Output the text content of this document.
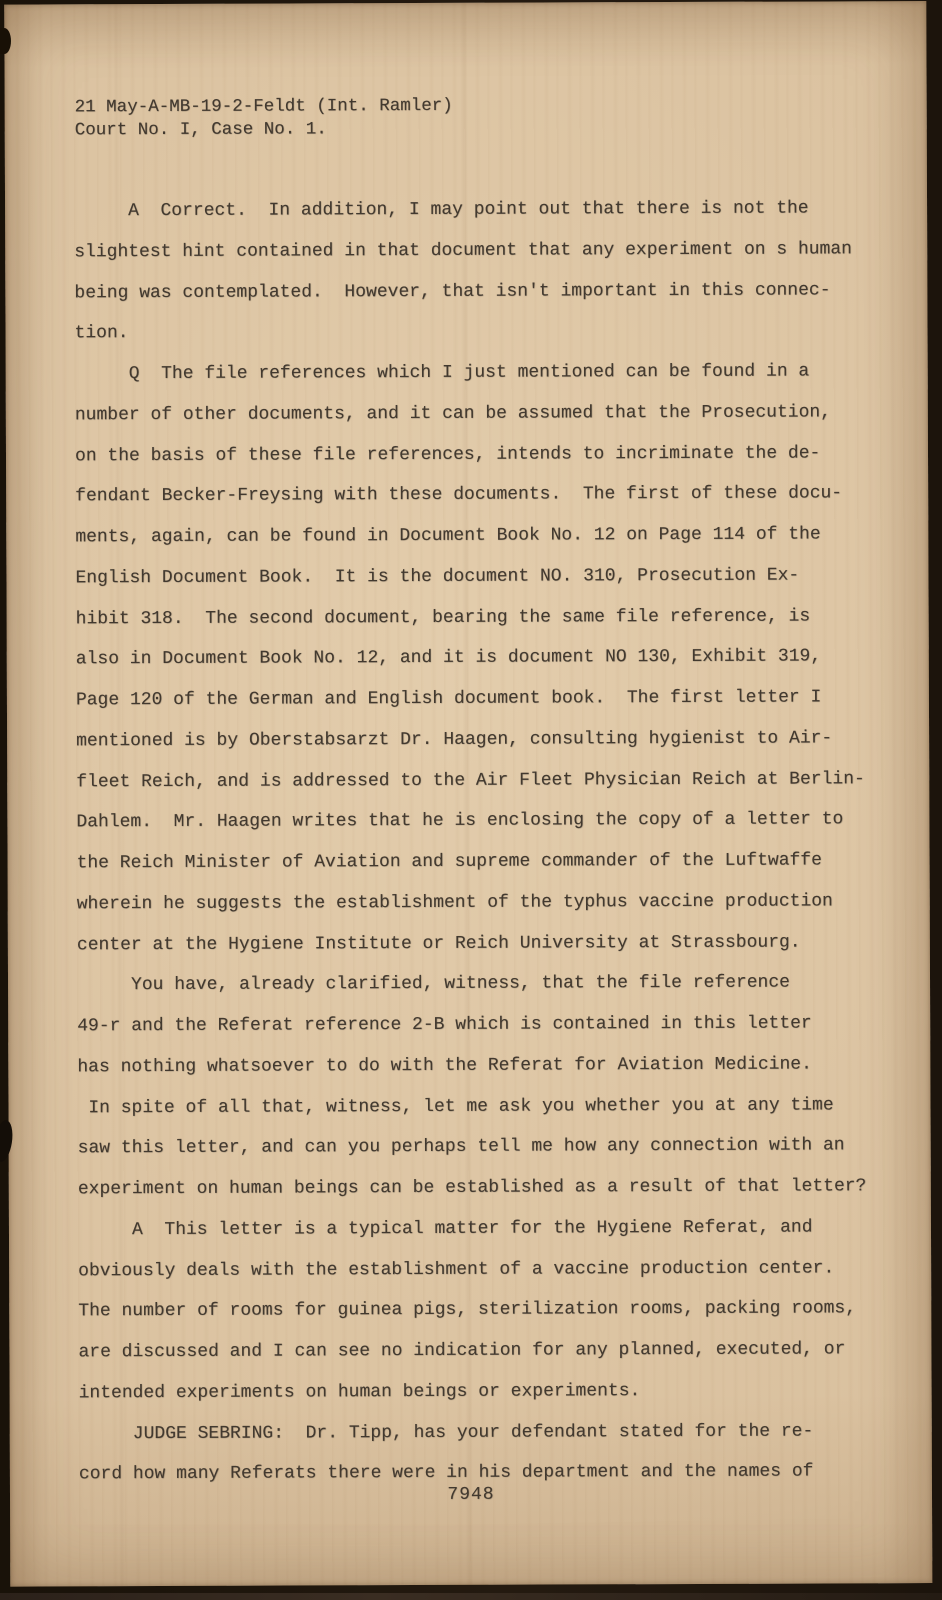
21 May-A-MB-19-2-Feldt (Int. Ramler)
Court No. I, Case No. 1.
A  Correct.  In addition, I may point out that there is not the
slightest hint contained in that document that any experiment on s human
being was contemplated.  However, that isn't important in this connec-
tion.
Q  The file references which I just mentioned can be found in a
number of other documents, and it can be assumed that the Prosecution,
on the basis of these file references, intends to incriminate the de-
fendant Becker-Freysing with these documents.  The first of these docu-
ments, again, can be found in Document Book No. 12 on Page 114 of the
English Document Book.  It is the document NO. 310, Prosecution Ex-
hibit 318.  The second document, bearing the same file reference, is
also in Document Book No. 12, and it is document NO 130, Exhibit 319,
Page 120 of the German and English document book.  The first letter I
mentioned is by Oberstabsarzt Dr. Haagen, consulting hygienist to Air-
fleet Reich, and is addressed to the Air Fleet Physician Reich at Berlin-
Dahlem.  Mr. Haagen writes that he is enclosing the copy of a letter to
the Reich Minister of Aviation and supreme commander of the Luftwaffe
wherein he suggests the establishment of the typhus vaccine production
center at the Hygiene Institute or Reich University at Strassbourg.
You have, already clarified, witness, that the file reference
49-r and the Referat reference 2-B which is contained in this letter
has nothing whatsoever to do with the Referat for Aviation Medicine.
In spite of all that, witness, let me ask you whether you at any time
saw this letter, and can you perhaps tell me how any connection with an
experiment on human beings can be established as a result of that letter?
A  This letter is a typical matter for the Hygiene Referat, and
obviously deals with the establishment of a vaccine production center.
The number of rooms for guinea pigs, sterilization rooms, packing rooms,
are discussed and I can see no indication for any planned, executed, or
intended experiments on human beings or experiments.
JUDGE SEBRING:  Dr. Tipp, has your defendant stated for the re-
cord how many Referats there were in his department and the names of
7948
